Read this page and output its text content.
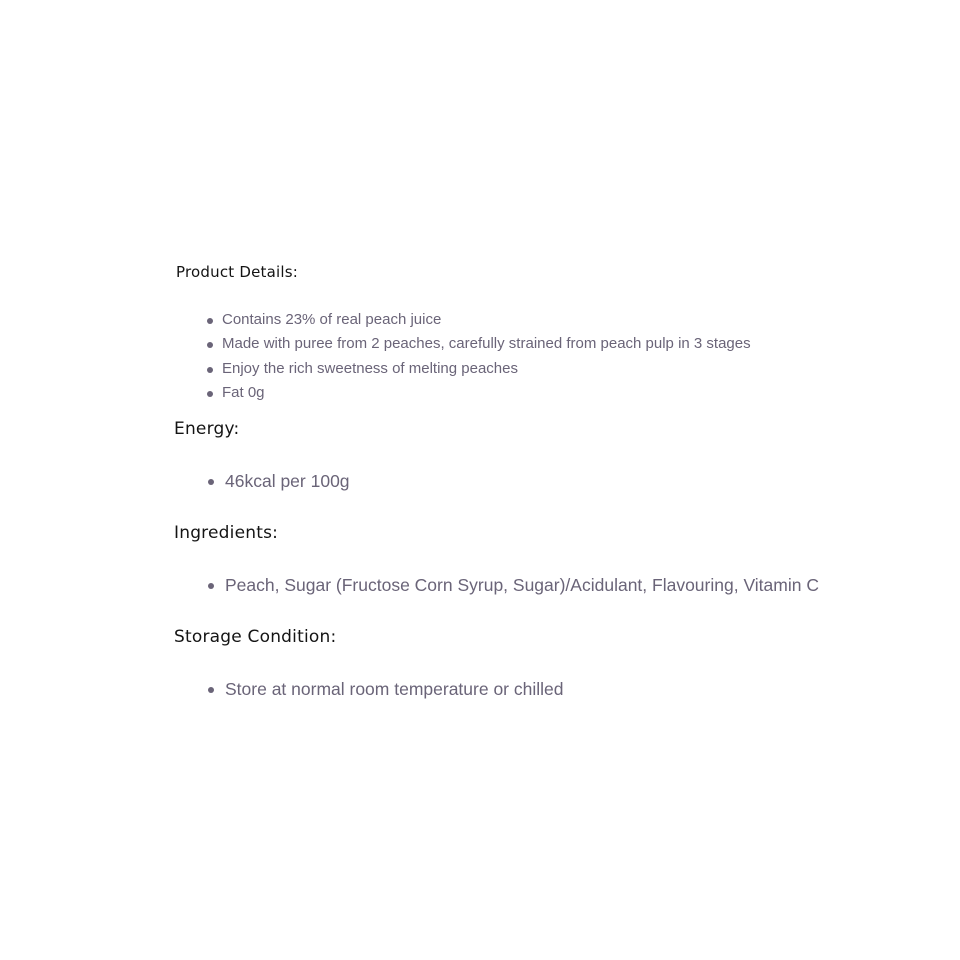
Product Details:
Contains 23% of real peach juice
Made with puree from 2 peaches, carefully strained from peach pulp in 3 stages
Enjoy the rich sweetness of melting peaches
Fat 0g
Energy:
46kcal per 100g
Ingredients:
Peach, Sugar (Fructose Corn Syrup, Sugar)/Acidulant, Flavouring, Vitamin C
Storage Condition:
Store at normal room temperature or chilled
